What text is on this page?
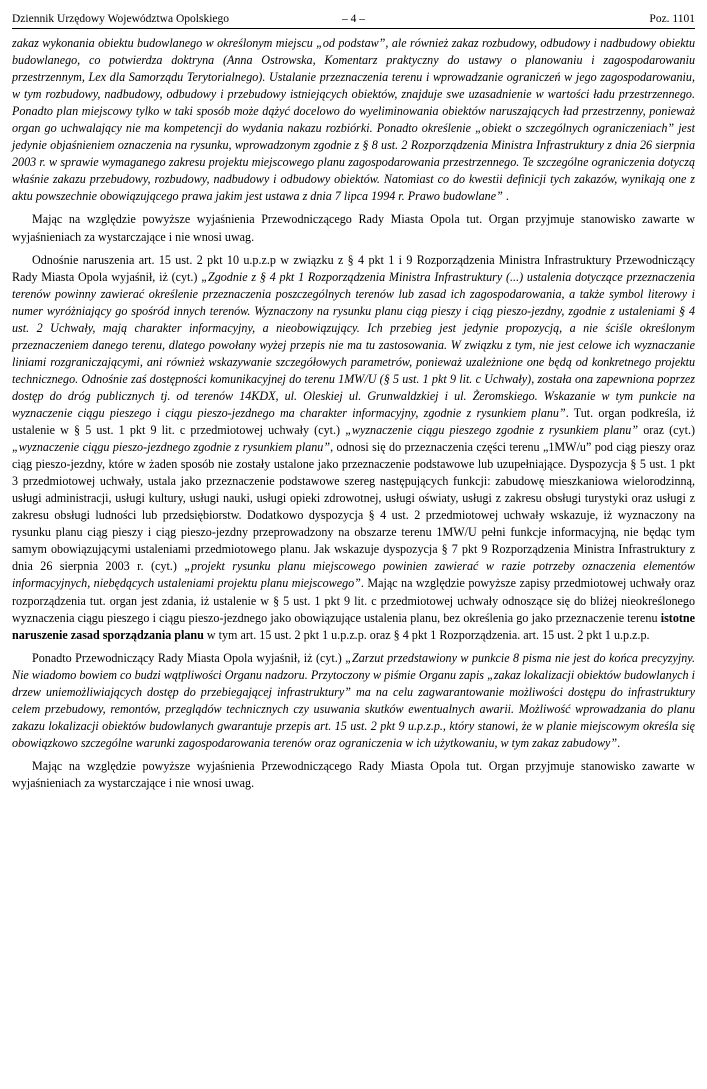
Dziennik Urzędowy Województwa Opolskiego	– 4 –	Poz. 1101

zakaz wykonania obiektu budowlanego w określonym miejscu „od podstaw”, ale również zakaz rozbudowy, odbudowy i nadbudowy obiektu budowlanego, co potwierdza doktryna (Anna Ostrowska, Komentarz praktyczny do ustawy o planowaniu i zagospodarowaniu przestrzennym, Lex dla Samorządu Terytorialnego). Ustalanie przeznaczenia terenu i wprowadzanie ograniczeń w jego zagospodarowaniu, w tym rozbudowy, nadbudowy, odbudowy i przebudowy istniejących obiektów, znajduje swe uzasadnienie w wartości ładu przestrzennego. Ponadto plan miejscowy tylko w taki sposób może dążyć docelowo do wyeliminowania obiektów naruszających ład przestrzenny, ponieważ organ go uchwalający nie ma kompetencji do wydania nakazu rozbiórki. Ponadto określenie „obiekt o szczególnych ograniczeniach” jest jedynie objaśnieniem oznaczenia na rysunku, wprowadzonym zgodnie z § 8 ust. 2 Rozporządzenia Ministra Infrastruktury z dnia 26 sierpnia 2003 r. w sprawie wymaganego zakresu projektu miejscowego planu zagospodarowania przestrzennego. Te szczególne ograniczenia dotyczą właśnie zakazu przebudowy, rozbudowy, nadbudowy i odbudowy obiektów. Natomiast co do kwestii definicji tych zakazów, wynikają one z aktu powszechnie obowiązującego prawa jakim jest ustawa z dnia 7 lipca 1994 r. Prawo budowlane” .

Mając na względzie powyższe wyjaśnienia Przewodniczącego Rady Miasta Opola tut. Organ przyjmuje stanowisko zawarte w wyjaśnieniach za wystarczające i nie wnosi uwag.

Odnośnie naruszenia art. 15 ust. 2 pkt 10 u.p.z.p w związku z § 4 pkt 1 i 9 Rozporządzenia Ministra Infrastruktury Przewodniczący Rady Miasta Opola wyjaśnił, iż (cyt.) „Zgodnie z § 4 pkt 1 Rozporządzenia Ministra Infrastruktury (...) ustalenia dotyczące przeznaczenia terenów powinny zawierać określenie przeznaczenia poszczególnych terenów lub zasad ich zagospodarowania, a także symbol literowy i numer wyróżniający go spośród innych terenów. Wyznaczony na rysunku planu ciąg pieszy i ciąg pieszo-jezdny, zgodnie z ustaleniami § 4 ust. 2 Uchwały, mają charakter informacyjny, a nieobowiązujący. Ich przebieg jest jedynie propozycją, a nie ściśle określonym przeznaczeniem danego terenu, dlatego powołany wyżej przepis nie ma tu zastosowania. W związku z tym, nie jest celowe ich wyznaczanie liniami rozgraniczającymi, ani również wskazywanie szczegółowych parametrów, ponieważ uzależnione one będą od konkretnego projektu technicznego. Odnośnie zaś dostępności komunikacyjnej do terenu 1MW/U (§ 5 ust. 1 pkt 9 lit. c Uchwały), została ona zapewniona poprzez dostęp do dróg publicznych tj. od terenów 14KDX, ul. Oleskiej ul. Grunwaldzkiej i ul. Żeromskiego. Wskazanie w tym punkcie na wyznaczenie ciągu pieszego i ciągu pieszo-jezdnego ma charakter informacyjny, zgodnie z rysunkiem planu”. Tut. organ podkreśla, iż ustalenie w § 5 ust. 1 pkt 9 lit. c przedmiotowej uchwały (cyt.) „wyznaczenie ciągu pieszego zgodnie z rysunkiem planu” oraz (cyt.) „wyznaczenie ciągu pieszo-jezdnego zgodnie z rysunkiem planu”, odnosi się do przeznaczenia części terenu „1MW/u” pod ciąg pieszy oraz ciąg pieszo-jezdny, które w żaden sposób nie zostały ustalone jako przeznaczenie podstawowe lub uzupełniające. Dyspozycja § 5 ust. 1 pkt 3 przedmiotowej uchwały, ustala jako przeznaczenie podstawowe szereg następujących funkcji: zabudowę mieszkaniowa wielorodzinną, usługi administracji, usługi kultury, usługi nauki, usługi opieki zdrowotnej, usługi oświaty, usługi z zakresu obsługi turystyki oraz usługi z zakresu obsługi ludności lub przedsiębiorstw. Dodatkowo dyspozycja § 4 ust. 2 przedmiotowej uchwały wskazuje, iż wyznaczony na rysunku planu ciąg pieszy i ciąg pieszo-jezdny przeprowadzony na obszarze terenu 1MW/U pełni funkcje informacyjną, nie będąc tym samym obowiązującymi ustaleniami przedmiotowego planu. Jak wskazuje dyspozycja § 7 pkt 9 Rozporządzenia Ministra Infrastruktury z dnia 26 sierpnia 2003 r. (cyt.) „projekt rysunku planu miejscowego powinien zawierać w razie potrzeby oznaczenia elementów informacyjnych, niebędących ustaleniami projektu planu miejscowego”. Mając na względzie powyższe zapisy przedmiotowej uchwały oraz rozporządzenia tut. organ jest zdania, iż ustalenie w § 5 ust. 1 pkt 9 lit. c przedmiotowej uchwały odnoszące się do bliżej nieokreślonego wyznaczenia ciągu pieszego i ciągu pieszo-jezdnego jako obowiązujące ustalenia planu, bez określenia go jako przeznaczenie terenu istotne naruszenie zasad sporządzania planu w tym art. 15 ust. 2 pkt 1 u.p.z.p. oraz § 4 pkt 1 Rozporządzenia. art. 15 ust. 2 pkt 1 u.p.z.p.

Ponadto Przewodniczący Rady Miasta Opola wyjaśnił, iż (cyt.) „Zarzut przedstawiony w punkcie 8 pisma nie jest do końca precyzyjny. Nie wiadomo bowiem co budzi wątpliwości Organu nadzoru. Przytoczony w piśmie Organu zapis „zakaz lokalizacji obiektów budowlanych i drzew uniemożliwiających dostęp do przebiegającej infrastruktury” ma na celu zagwarantowanie możliwości dostępu do infrastruktury celem przebudowy, remontów, przeglądów technicznych czy usuwania skutków ewentualnych awarii. Możliwość wprowadzania do planu zakazu lokalizacji obiektów budowlanych gwarantuje przepis art. 15 ust. 2 pkt 9 u.p.z.p., który stanowi, że w planie miejscowym określa się obowiązkowo szczególne warunki zagospodarowania terenów oraz ograniczenia w ich użytkowaniu, w tym zakaz zabudowy”.

Mając na względzie powyższe wyjaśnienia Przewodniczącego Rady Miasta Opola tut. Organ przyjmuje stanowisko zawarte w wyjaśnieniach za wystarczające i nie wnosi uwag.
